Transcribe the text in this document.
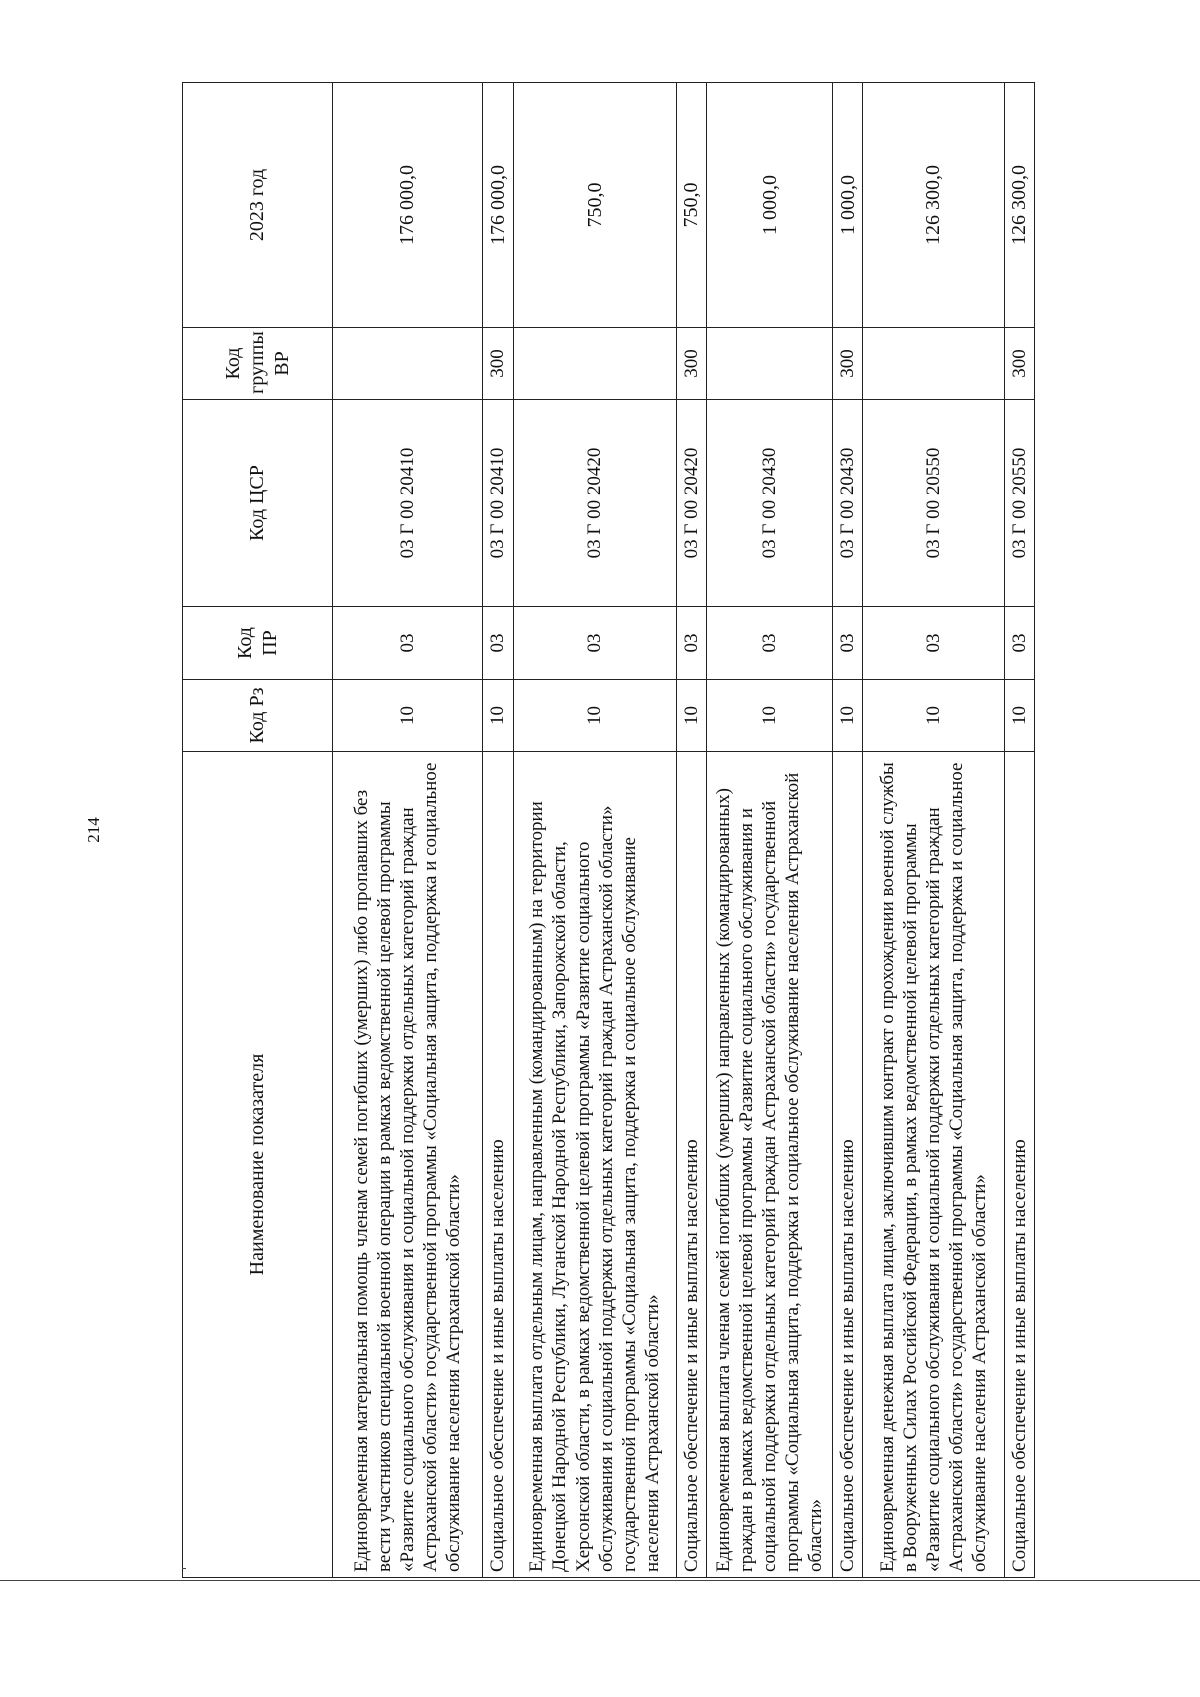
214
Наименование показателя	Код Рз	Код ПР	Код ЦСР	Код группы ВР	2023 год
Единовременная материальная помощь членам семей погибших (умерших) либо пропавших без вести участников специальной военной операции в рамках ведомственной целевой программы «Развитие социального обслуживания и социальной поддержки отдельных категорий граждан Астраханской области» государственной программы «Социальная защита, поддержка и социальное обслуживание населения Астраханской области»	10	03	03 Г 00 20410		176 000,0
Социальное обеспечение и иные выплаты населению	10	03	03 Г 00 20410	300	176 000,0
Единовременная выплата отдельным лицам, направленным (командированным) на территории Донецкой Народной Республики, Луганской Народной Республики, Запорожской области, Херсонской области, в рамках ведомственной целевой программы «Развитие социального обслуживания и социальной поддержки отдельных категорий граждан Астраханской области» государственной программы «Социальная защита, поддержка и социальное обслуживание населения Астраханской области»	10	03	03 Г 00 20420		750,0
Социальное обеспечение и иные выплаты населению	10	03	03 Г 00 20420	300	750,0
Единовременная выплата членам семей погибших (умерших) направленных (командированных) граждан в рамках ведомственной целевой программы «Развитие социального обслуживания и социальной поддержки отдельных категорий граждан Астраханской области» государственной программы «Социальная защита, поддержка и социальное обслуживание населения Астраханской области»	10	03	03 Г 00 20430		1 000,0
Социальное обеспечение и иные выплаты населению	10	03	03 Г 00 20430	300	1 000,0
Единовременная денежная выплата лицам, заключившим контракт о прохождении военной службы в Вооруженных Силах Российской Федерации, в рамках ведомственной целевой программы «Развитие социального обслуживания и социальной поддержки отдельных категорий граждан Астраханской области» государственной программы «Социальная защита, поддержка и социальное обслуживание населения Астраханской области»	10	03	03 Г 00 20550		126 300,0
Социальное обеспечение и иные выплаты населению	10	03	03 Г 00 20550	300	126 300,0
